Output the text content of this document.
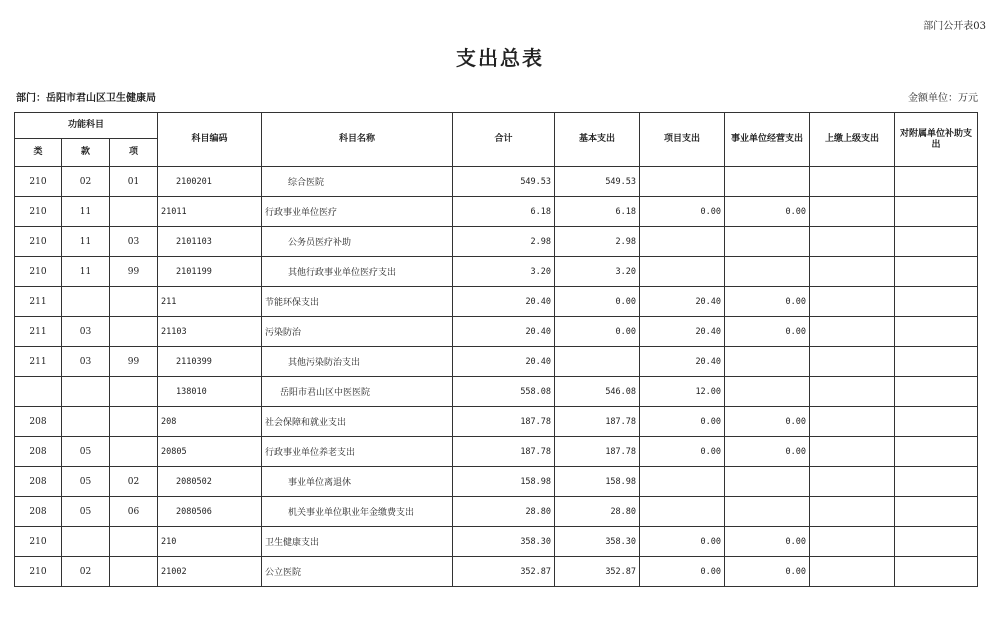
部门公开表03
支出总表
部门：岳阳市君山区卫生健康局	金额单位：万元
功能科目			科目编码	科目名称	合计	基本支出	项目支出	事业单位经营支出	上缴上级支出	对附属单位补助支出
类	款	项								
210	02	01	2100201	综合医院	549.53	549.53				
210	11		21011	行政事业单位医疗	6.18	6.18	0.00	0.00		
210	11	03	2101103	公务员医疗补助	2.98	2.98				
210	11	99	2101199	其他行政事业单位医疗支出	3.20	3.20				
211			211	节能环保支出	20.40	0.00	20.40	0.00		
211	03		21103	污染防治	20.40	0.00	20.40	0.00		
211	03	99	2110399	其他污染防治支出	20.40		20.40			
			138010	岳阳市君山区中医医院	558.08	546.08	12.00			
208			208	社会保障和就业支出	187.78	187.78	0.00	0.00		
208	05		20805	行政事业单位养老支出	187.78	187.78	0.00	0.00		
208	05	02	2080502	事业单位离退休	158.98	158.98				
208	05	06	2080506	机关事业单位职业年金缴费支出	28.80	28.80				
210			210	卫生健康支出	358.30	358.30	0.00	0.00		
210	02		21002	公立医院	352.87	352.87	0.00	0.00		
